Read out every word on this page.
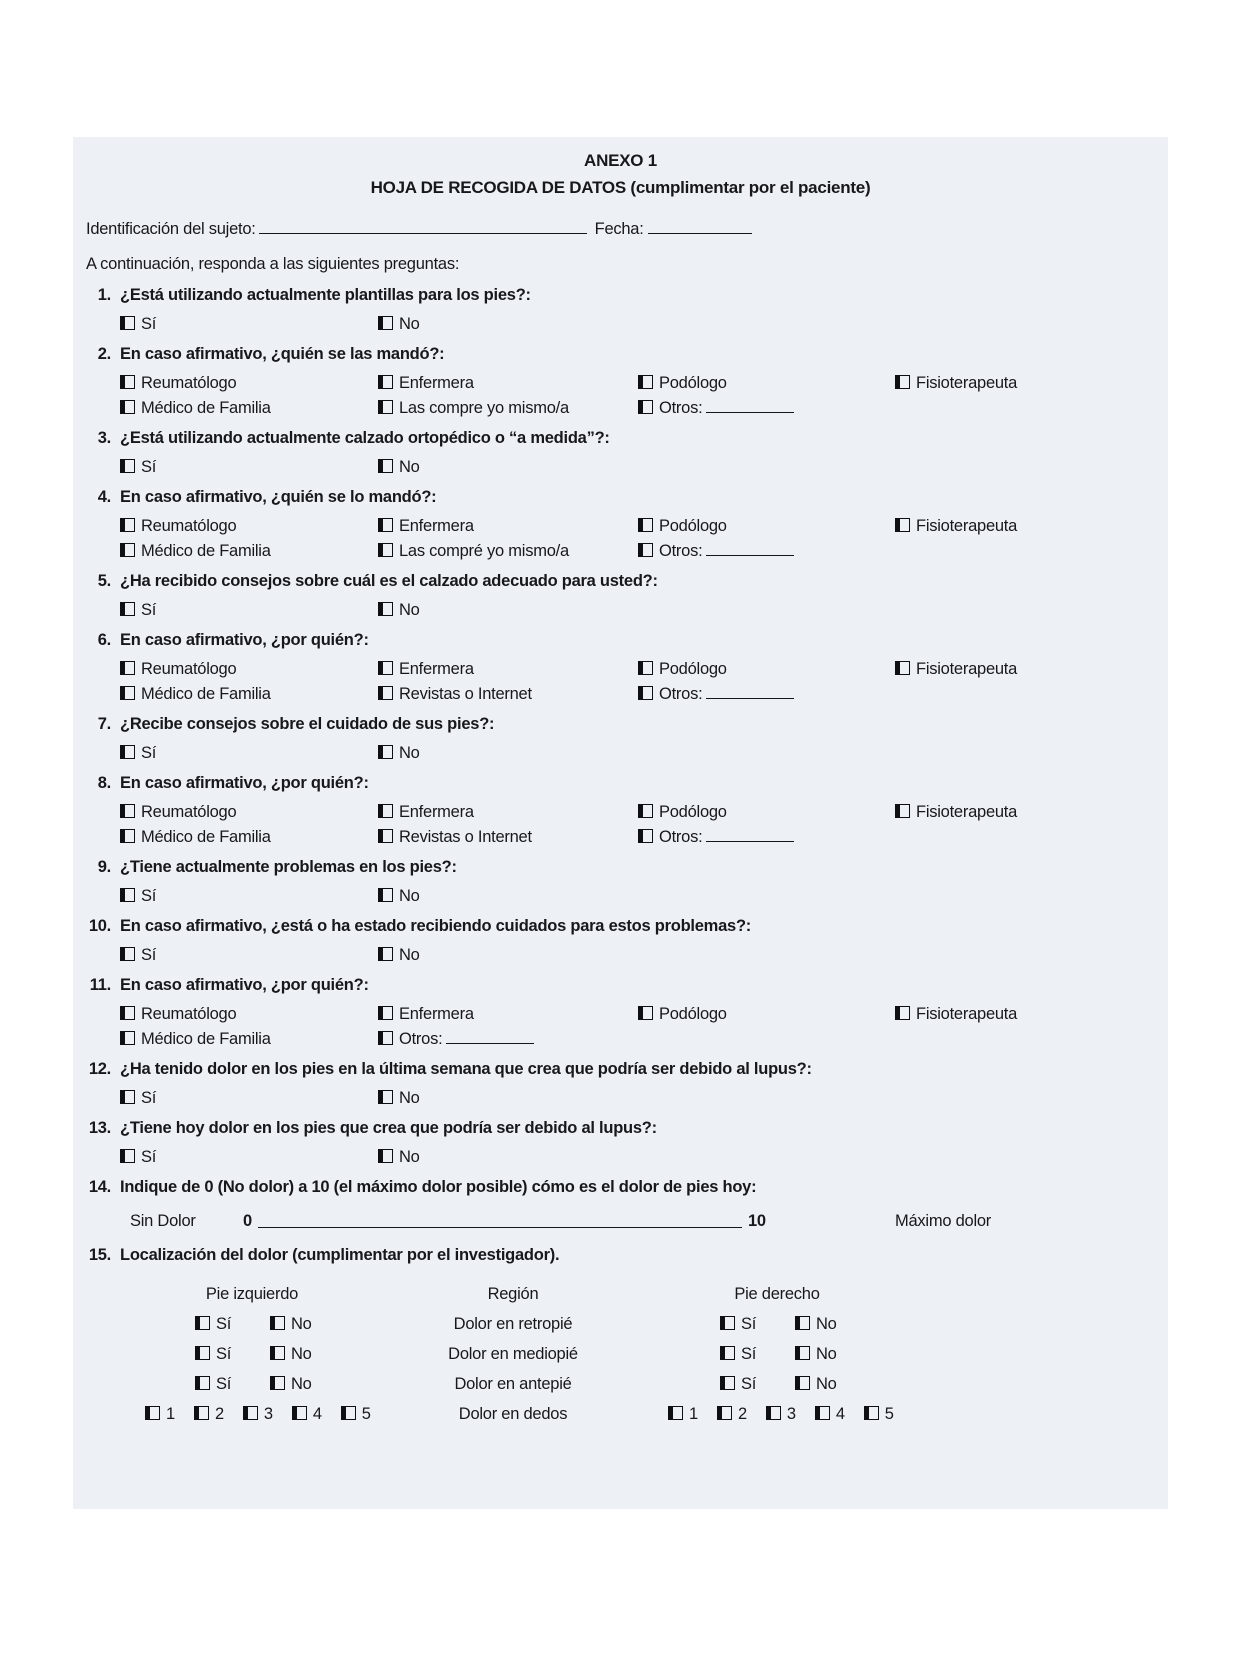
ANEXO 1
HOJA DE RECOGIDA DE DATOS (cumplimentar por el paciente)
Identificación del sujeto:	Fecha:
A continuación, responda a las siguientes preguntas:
1. ¿Está utilizando actualmente plantillas para los pies?:
Sí	No
2. En caso afirmativo, ¿quién se las mandó?:
Reumatólogo	Enfermera	Podólogo	Fisioterapeuta
Médico de Familia	Las compre yo mismo/a	Otros:
3. ¿Está utilizando actualmente calzado ortopédico o “a medida”?:
Sí	No
4. En caso afirmativo, ¿quién se lo mandó?:
Reumatólogo	Enfermera	Podólogo	Fisioterapeuta
Médico de Familia	Las compré yo mismo/a	Otros:
5. ¿Ha recibido consejos sobre cuál es el calzado adecuado para usted?:
Sí	No
6. En caso afirmativo, ¿por quién?:
Reumatólogo	Enfermera	Podólogo	Fisioterapeuta
Médico de Familia	Revistas o Internet	Otros:
7. ¿Recibe consejos sobre el cuidado de sus pies?:
Sí	No
8. En caso afirmativo, ¿por quién?:
Reumatólogo	Enfermera	Podólogo	Fisioterapeuta
Médico de Familia	Revistas o Internet	Otros:
9. ¿Tiene actualmente problemas en los pies?:
Sí	No
10. En caso afirmativo, ¿está o ha estado recibiendo cuidados para estos problemas?:
Sí	No
11. En caso afirmativo, ¿por quién?:
Reumatólogo	Enfermera	Podólogo	Fisioterapeuta
Médico de Familia	Otros:
12. ¿Ha tenido dolor en los pies en la última semana que crea que podría ser debido al lupus?:
Sí	No
13. ¿Tiene hoy dolor en los pies que crea que podría ser debido al lupus?:
Sí	No
14. Indique de 0 (No dolor) a 10 (el máximo dolor posible) cómo es el dolor de pies hoy:
Sin Dolor	0	10	Máximo dolor
15. Localización del dolor (cumplimentar por el investigador).
Pie izquierdo	Región	Pie derecho
Sí	No	Dolor en retropié	Sí	No
Sí	No	Dolor en mediopié	Sí	No
Sí	No	Dolor en antepié	Sí	No
1	2	3	4	5	Dolor en dedos	1	2	3	4	5
